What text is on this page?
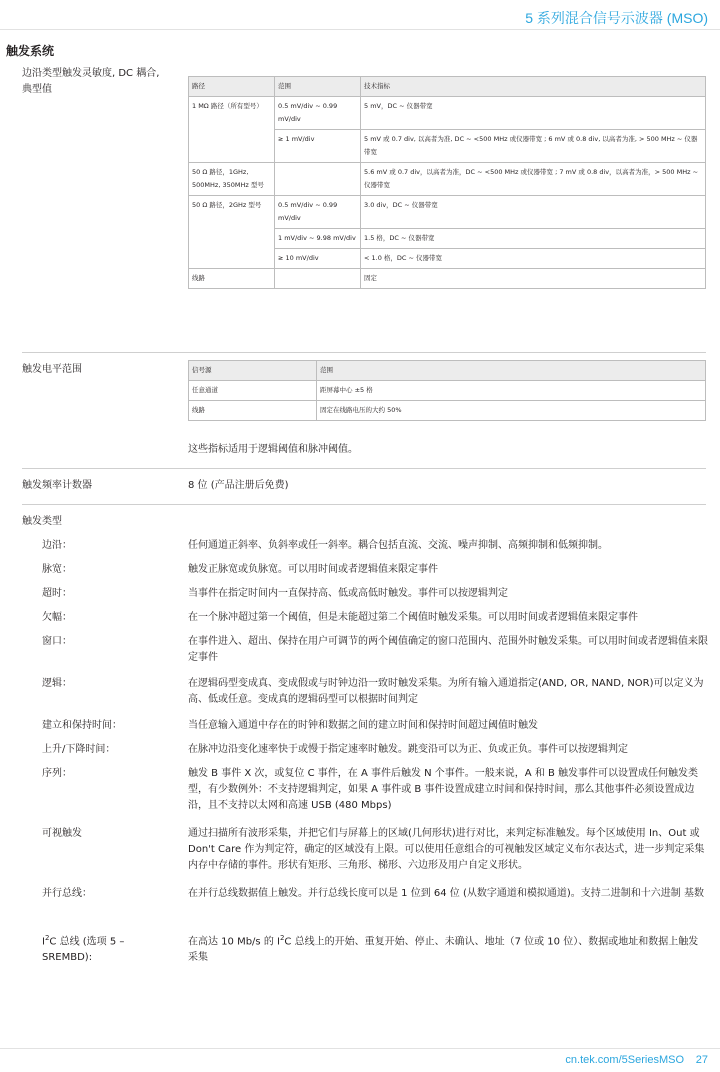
5 系列混合信号示波器 (MSO)
触发系统
边沿类型触发灵敏度, DC 耦合,
典型值	路径	范围	技术指标
1 MΩ 路径（所有型号）	0.5 mV/div ~ 0.99 mV/div	5 mV，DC ~ 仪器带宽
	≥ 1 mV/div	5 mV 或 0.7 div, 以高者为准, DC ~ <500 MHz 或仪器带宽 ; 6 mV 或 0.8 div, 以高者为准, > 500 MHz ~ 仪器带宽
50 Ω 路径，1GHz, 500MHz, 350MHz 型号		5.6 mV 或 0.7 div，以高者为准，DC ~ <500 MHz 或仪器带宽 ; 7 mV 或 0.8 div，以高者为准，> 500 MHz ~ 仪器带宽
50 Ω 路径，2GHz 型号	0.5 mV/div ~ 0.99 mV/div	3.0 div，DC ~ 仪器带宽
	1 mV/div ~ 9.98 mV/div	1.5 格，DC ~ 仪器带宽
	≥ 10 mV/div	< 1.0 格，DC ~ 仪器带宽
线路		固定
触发电平范围	信号源	范围
任意通道	距屏幕中心 ±5 格
线路	固定在线路电压的大约 50%
这些指标适用于逻辑阈值和脉冲阈值。
触发频率计数器	8 位 (产品注册后免费)
触发类型
边沿：	任何通道正斜率、负斜率或任一斜率。耦合包括直流、交流、噪声抑制、高频抑制和低频抑制。
脉宽：	触发正脉宽或负脉宽。可以用时间或者逻辑值来限定事件
超时：	当事件在指定时间内一直保持高、低或高低时触发。事件可以按逻辑判定
欠幅：	在一个脉冲超过第一个阈值，但是未能超过第二个阈值时触发采集。可以用时间或者逻辑值来限定事件
窗口：	在事件进入、超出、保持在用户可调节的两个阈值确定的窗口范围内、范围外时触发采集。可以用时间或者逻辑值来限定事件
逻辑：	在逻辑码型变成真、变成假或与时钟边沿一致时触发采集。为所有输入通道指定(AND, OR, NAND, NOR)可以定义为高、低或任意。变成真的逻辑码型可以根据时间判定
建立和保持时间：	当任意输入通道中存在的时钟和数据之间的建立时间和保持时间超过阈值时触发
上升/下降时间：	在脉冲边沿变化速率快于或慢于指定速率时触发。跳变沿可以为正、负或正负。事件可以按逻辑判定
序列：	触发 B 事件 X 次，或复位 C 事件，在 A 事件后触发 N 个事件。一般来说，A 和 B 触发事件可以设置成任何触发类型，有少数例外：不支持逻辑判定，如果 A 事件或 B 事件设置成建立时间和保持时间，那么其他事件必须设置成边沿，且不支持以太网和高速 USB (480 Mbps)
可视触发	通过扫描所有波形采集，并把它们与屏幕上的区域(几何形状)进行对比，来判定标准触发。每个区域使用 In、Out 或 Don't Care 作为判定符，确定的区域没有上限。可以使用任意组合的可视触发区域定义布尔表达式，进一步判定采集内存中存储的事件。形状有矩形、三角形、梯形、六边形及用户自定义形状。
并行总线：	在并行总线数据值上触发。并行总线长度可以是 1 位到 64 位 (从数字通道和模拟通道)。支持二进制和十六进制 基数
$I^2C$ 总线 (选项 5 –
SREMBD):
在高达 10 Mb/s 的 $I^2C$ 总线上的开始、重复开始、停止、未确认、地址（7 位或 10 位）、数据或地址和数据上触发采集
cn.tek.com/5SeriesMSO 27
